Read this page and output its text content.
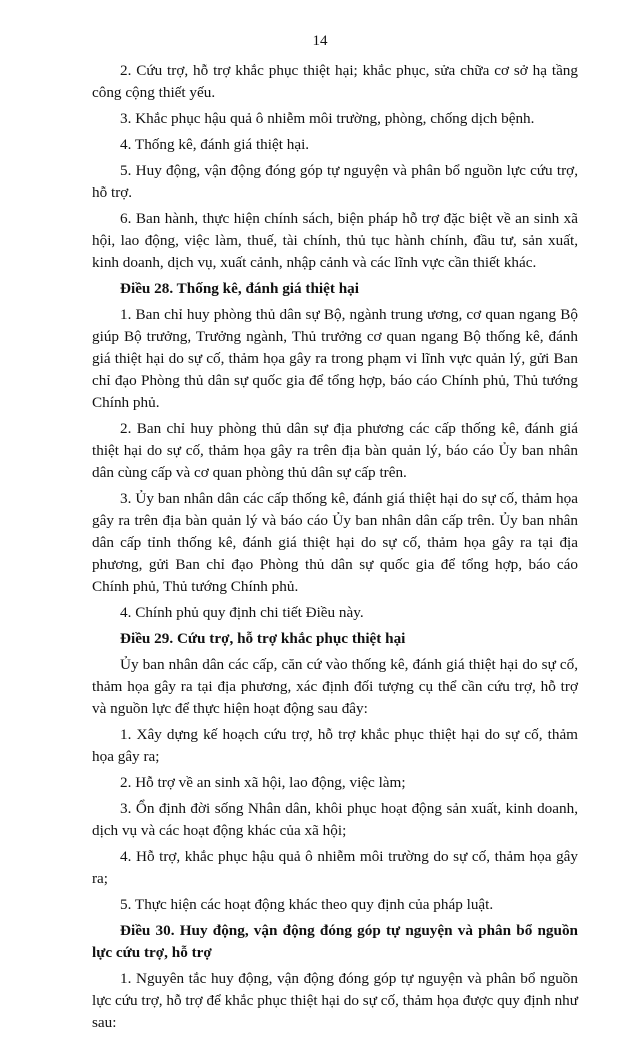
14

2. Cứu trợ, hỗ trợ khắc phục thiệt hại; khắc phục, sửa chữa cơ sở hạ tầng công cộng thiết yếu.

3. Khắc phục hậu quả ô nhiễm môi trường, phòng, chống dịch bệnh.

4. Thống kê, đánh giá thiệt hại.

5. Huy động, vận động đóng góp tự nguyện và phân bổ nguồn lực cứu trợ, hỗ trợ.

6. Ban hành, thực hiện chính sách, biện pháp hỗ trợ đặc biệt về an sinh xã hội, lao động, việc làm, thuế, tài chính, thủ tục hành chính, đầu tư, sản xuất, kinh doanh, dịch vụ, xuất cảnh, nhập cảnh và các lĩnh vực cần thiết khác.

Điều 28. Thống kê, đánh giá thiệt hại

1. Ban chỉ huy phòng thủ dân sự Bộ, ngành trung ương, cơ quan ngang Bộ giúp Bộ trưởng, Trưởng ngành, Thủ trưởng cơ quan ngang Bộ thống kê, đánh giá thiệt hại do sự cố, thảm họa gây ra trong phạm vi lĩnh vực quản lý, gửi Ban chỉ đạo Phòng thủ dân sự quốc gia để tổng hợp, báo cáo Chính phủ, Thủ tướng Chính phủ.

2. Ban chỉ huy phòng thủ dân sự địa phương các cấp thống kê, đánh giá thiệt hại do sự cố, thảm họa gây ra trên địa bàn quản lý, báo cáo Ủy ban nhân dân cùng cấp và cơ quan phòng thủ dân sự cấp trên.

3. Ủy ban nhân dân các cấp thống kê, đánh giá thiệt hại do sự cố, thảm họa gây ra trên địa bàn quản lý và báo cáo Ủy ban nhân dân cấp trên. Ủy ban nhân dân cấp tỉnh thống kê, đánh giá thiệt hại do sự cố, thảm họa gây ra tại địa phương, gửi Ban chỉ đạo Phòng thủ dân sự quốc gia để tổng hợp, báo cáo Chính phủ, Thủ tướng Chính phủ.

4. Chính phủ quy định chi tiết Điều này.

Điều 29. Cứu trợ, hỗ trợ khắc phục thiệt hại

Ủy ban nhân dân các cấp, căn cứ vào thống kê, đánh giá thiệt hại do sự cố, thảm họa gây ra tại địa phương, xác định đối tượng cụ thể cần cứu trợ, hỗ trợ và nguồn lực để thực hiện hoạt động sau đây:

1. Xây dựng kế hoạch cứu trợ, hỗ trợ khắc phục thiệt hại do sự cố, thảm họa gây ra;

2. Hỗ trợ về an sinh xã hội, lao động, việc làm;

3. Ổn định đời sống Nhân dân, khôi phục hoạt động sản xuất, kinh doanh, dịch vụ và các hoạt động khác của xã hội;

4. Hỗ trợ, khắc phục hậu quả ô nhiễm môi trường do sự cố, thảm họa gây ra;

5. Thực hiện các hoạt động khác theo quy định của pháp luật.

Điều 30. Huy động, vận động đóng góp tự nguyện và phân bổ nguồn lực cứu trợ, hỗ trợ

1. Nguyên tắc huy động, vận động đóng góp tự nguyện và phân bổ nguồn lực cứu trợ, hỗ trợ để khắc phục thiệt hại do sự cố, thảm họa được quy định như sau:
